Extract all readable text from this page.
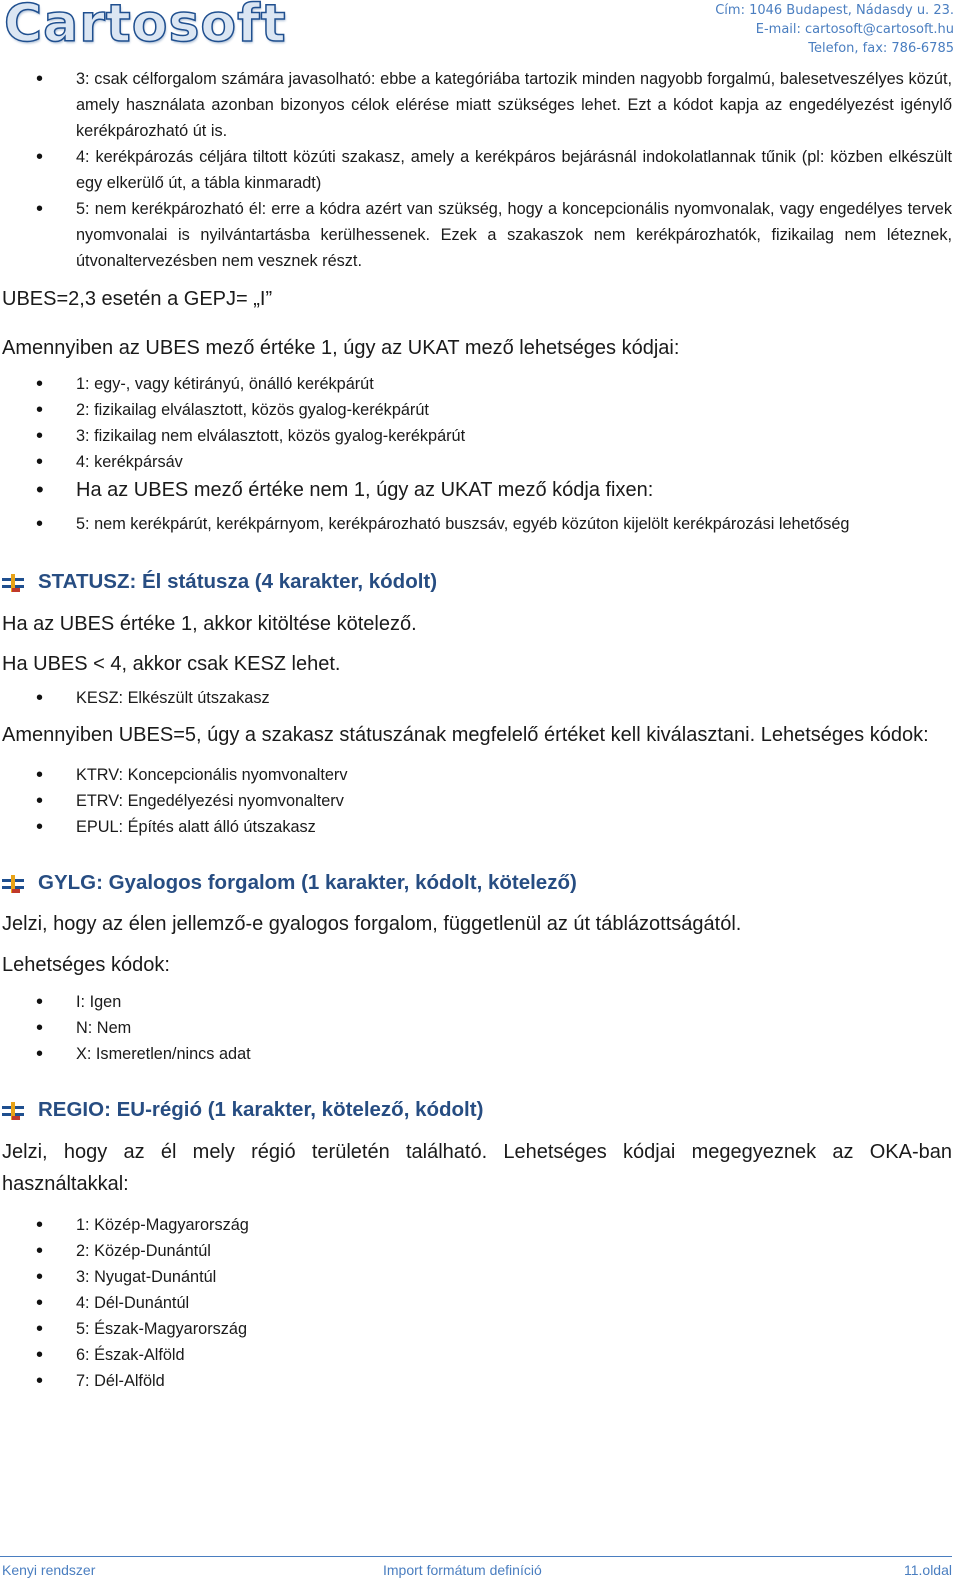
Cartosoft	Cím: 1046 Budapest, Nádasdy u. 23.
E-mail: cartosoft@cartosoft.hu
Telefon, fax: 786-6785
• 3: csak célforgalom számára javasolható: ebbe a kategóriába tartozik minden nagyobb forgalmú, balesetveszélyes közút, amely használata azonban bizonyos célok elérése miatt szükséges lehet. Ezt a kódot kapja az engedélyezést igénylő kerékpározható út is.
• 4: kerékpározás céljára tiltott közúti szakasz, amely a kerékpáros bejárásnál indokolatlannak tűnik (pl: közben elkészült egy elkerülő út, a tábla kinmaradt)
• 5: nem kerékpározható él: erre a kódra azért van szükség, hogy a koncepcionális nyomvonalak, vagy engedélyes tervek nyomvonalai is nyilvántartásba kerülhessenek. Ezek a szakaszok nem kerékpározhatók, fizikailag nem léteznek, útvonaltervezésben nem vesznek részt.

UBES=2,3 esetén a GEPJ= „I”

Amennyiben az UBES mező értéke 1, úgy az UKAT mező lehetséges kódjai:

• 1: egy-, vagy kétirányú, önálló kerékpárút
• 2: fizikailag elválasztott, közös gyalog-kerékpárút
• 3: fizikailag nem elválasztott, közös gyalog-kerékpárút
• 4: kerékpársáv
• Ha az UBES mező értéke nem 1, úgy az UKAT mező kódja fixen:
• 5: nem kerékpárút, kerékpárnyom, kerékpározható buszsáv, egyéb közúton kijelölt kerékpározási lehetőség
STATUSZ: Él státusza (4 karakter, kódolt)

Ha az UBES értéke 1, akkor kitöltése kötelező.

Ha UBES < 4, akkor csak KESZ lehet.

• KESZ: Elkészült útszakasz

Amennyiben UBES=5, úgy a szakasz státuszának megfelelő értéket kell kiválasztani. Lehetséges kódok:

• KTRV: Koncepcionális nyomvonalterv
• ETRV: Engedélyezési nyomvonalterv
• EPUL: Építés alatt álló útszakasz
GYLG: Gyalogos forgalom (1 karakter, kódolt, kötelező)

Jelzi, hogy az élen jellemző-e gyalogos forgalom, függetlenül az út táblázottságától.

Lehetséges kódok:

• I: Igen
• N: Nem
• X: Ismeretlen/nincs adat
REGIO: EU-régió (1 karakter, kötelező, kódolt)

Jelzi, hogy az él mely régió területén található. Lehetséges kódjai megegyeznek az OKA-ban használtakkal:

• 1: Közép-Magyarország
• 2: Közép-Dunántúl
• 3: Nyugat-Dunántúl
• 4: Dél-Dunántúl
• 5: Észak-Magyarország
• 6: Észak-Alföld
• 7: Dél-Alföld
Kenyi rendszer	Import formátum definíció	11.oldal
